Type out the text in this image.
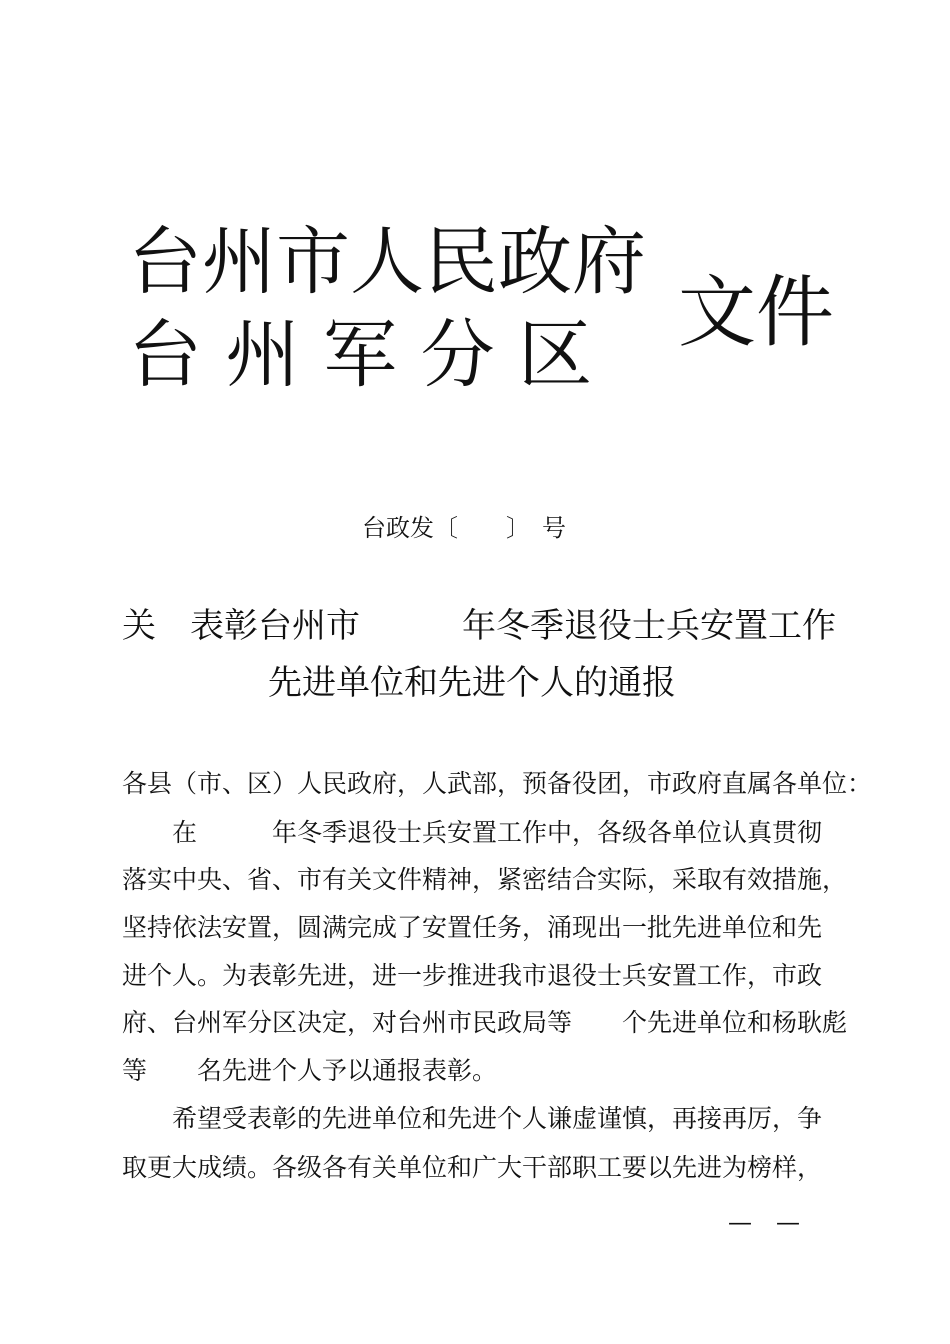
台州市人民政府
台 州 军 分 区 文件
台政发〔　　〕　号
关　表彰台州市　　　年冬季退役士兵安置工作
先进单位和先进个人的通报
各县（市、区）人民政府，人武部，预备役团，市政府直属各单位：
　　在　　　年冬季退役士兵安置工作中，各级各单位认真贯彻
落实中央、省、市有关文件精神，紧密结合实际，采取有效措施，
坚持依法安置，圆满完成了安置任务，涌现出一批先进单位和先
进个人。为表彰先进，进一步推进我市退役士兵安置工作，市政
府、台州军分区决定，对台州市民政局等　　个先进单位和杨耿彪
等　　名先进个人予以通报表彰。
　　希望受表彰的先进单位和先进个人谦虚谨慎，再接再厉，争
取更大成绩。各级各有关单位和广大干部职工要以先进为榜样，
—　—
